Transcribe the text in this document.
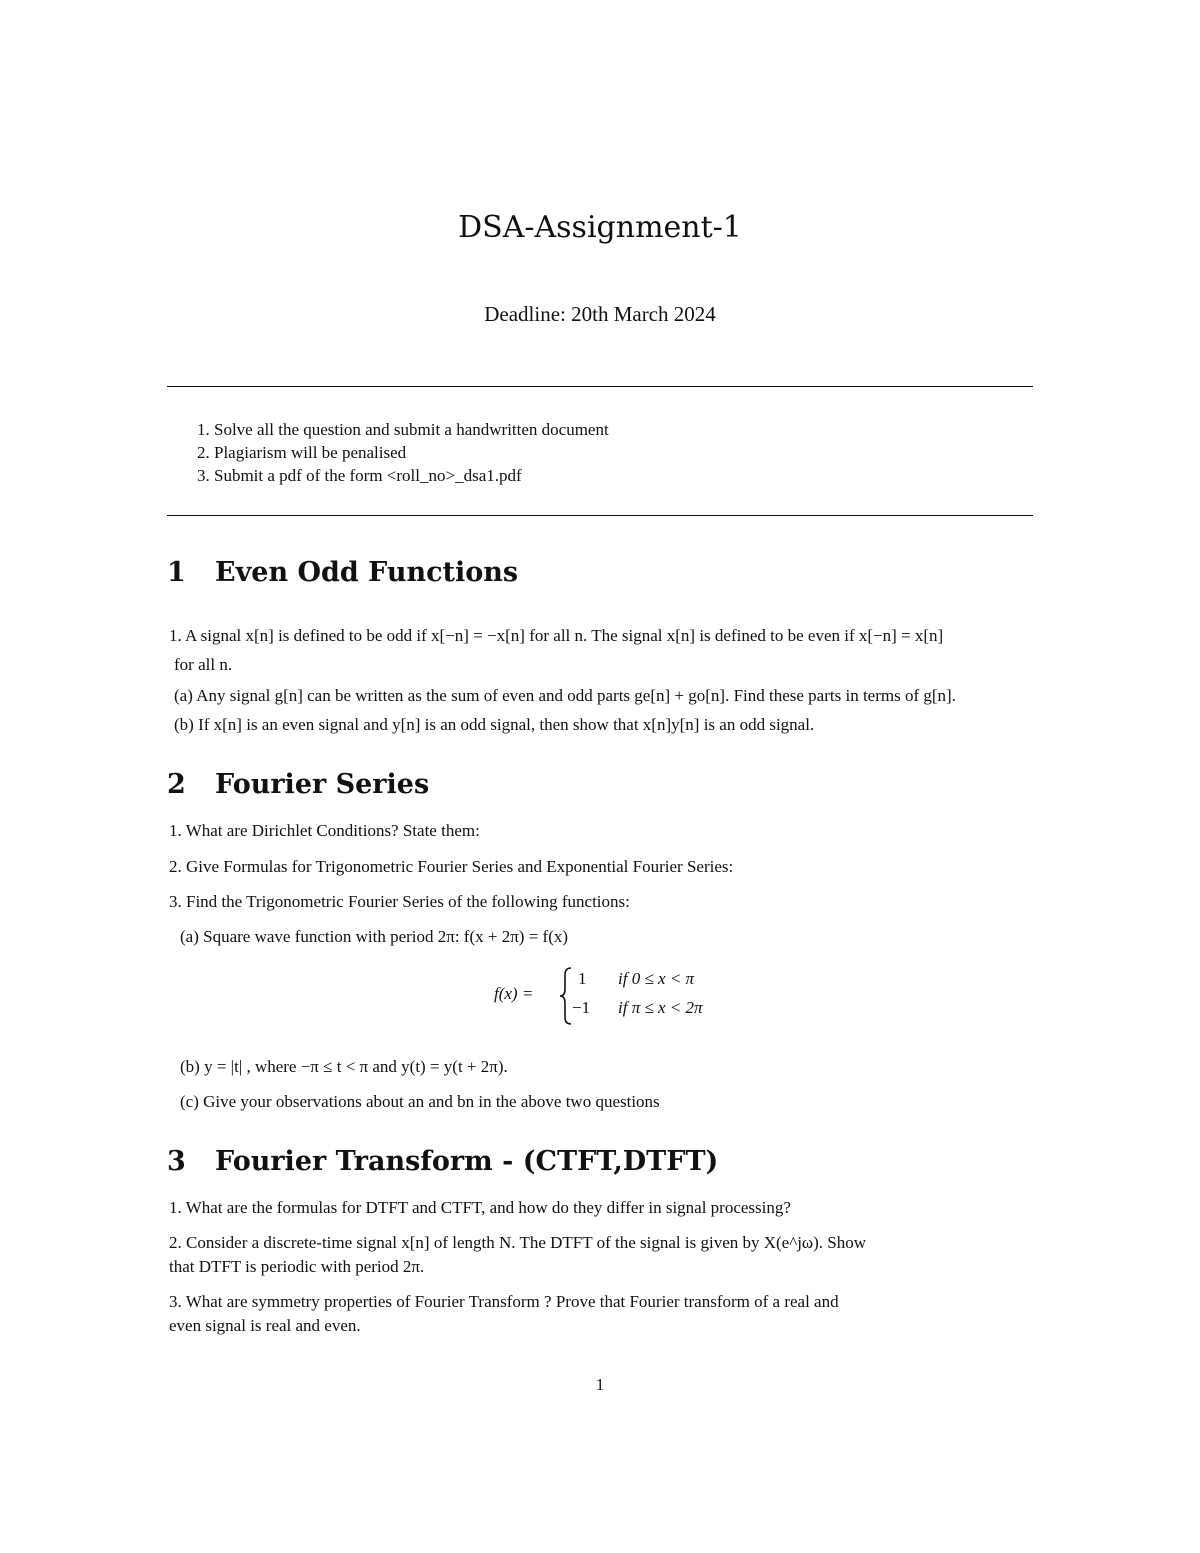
DSA-Assignment-1
Deadline: 20th March 2024
1. Solve all the question and submit a handwritten document
2. Plagiarism will be penalised
3. Submit a pdf of the form <roll_no>_dsa1.pdf
1 Even Odd Functions
1. A signal x[n] is defined to be odd if x[−n] = −x[n] for all n. The signal x[n] is defined to be even if x[−n] = x[n]
for all n.
(a) Any signal g[n] can be written as the sum of even and odd parts ge[n] + go[n]. Find these parts in terms of g[n].
(b) If x[n] is an even signal and y[n] is an odd signal, then show that x[n]y[n] is an odd signal.
2 Fourier Series
1. What are Dirichlet Conditions? State them:
2. Give Formulas for Trigonometric Fourier Series and Exponential Fourier Series:
3. Find the Trigonometric Fourier Series of the following functions:
(a) Square wave function with period 2π: f(x + 2π) = f(x)
f(x) =
1 if 0 ≤ x < π
−1 if π ≤ x < 2π
(b) y = |t| , where −π ≤ t < π and y(t) = y(t + 2π).
(c) Give your observations about an and bn in the above two questions
3 Fourier Transform - (CTFT,DTFT)
1. What are the formulas for DTFT and CTFT, and how do they differ in signal processing?
2. Consider a discrete-time signal x[n] of length N. The DTFT of the signal is given by X(e^jω). Show
that DTFT is periodic with period 2π.
3. What are symmetry properties of Fourier Transform ? Prove that Fourier transform of a real and
even signal is real and even.
1
